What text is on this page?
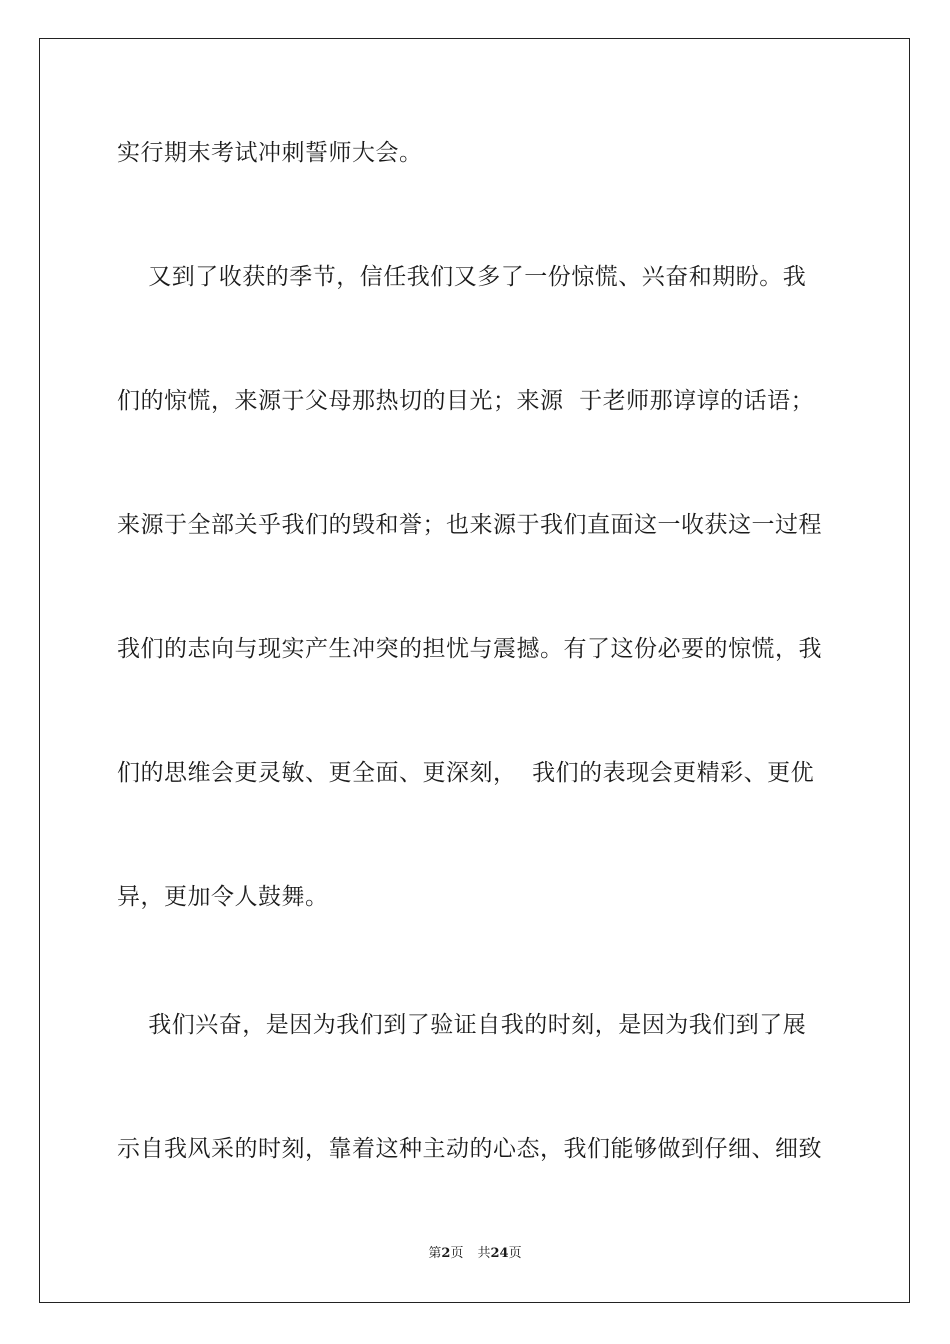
实行期末考试冲刺誓师大会。
又到了收获的季节，信任我们又多了一份惊慌、兴奋和期盼。我
们的惊慌，来源于父母那热切的目光；来源  于老师那谆谆的话语；
来源于全部关乎我们的毁和誉；也来源于我们直面这一收获这一过程
我们的志向与现实产生冲突的担忧与震撼。有了这份必要的惊慌，我
们的思维会更灵敏、更全面、更深刻，  我们的表现会更精彩、更优
异，更加令人鼓舞。
我们兴奋，是因为我们到了验证自我的时刻，是因为我们到了展
示自我风采的时刻，靠着这种主动的心态，我们能够做到仔细、细致
第2页 共24页
